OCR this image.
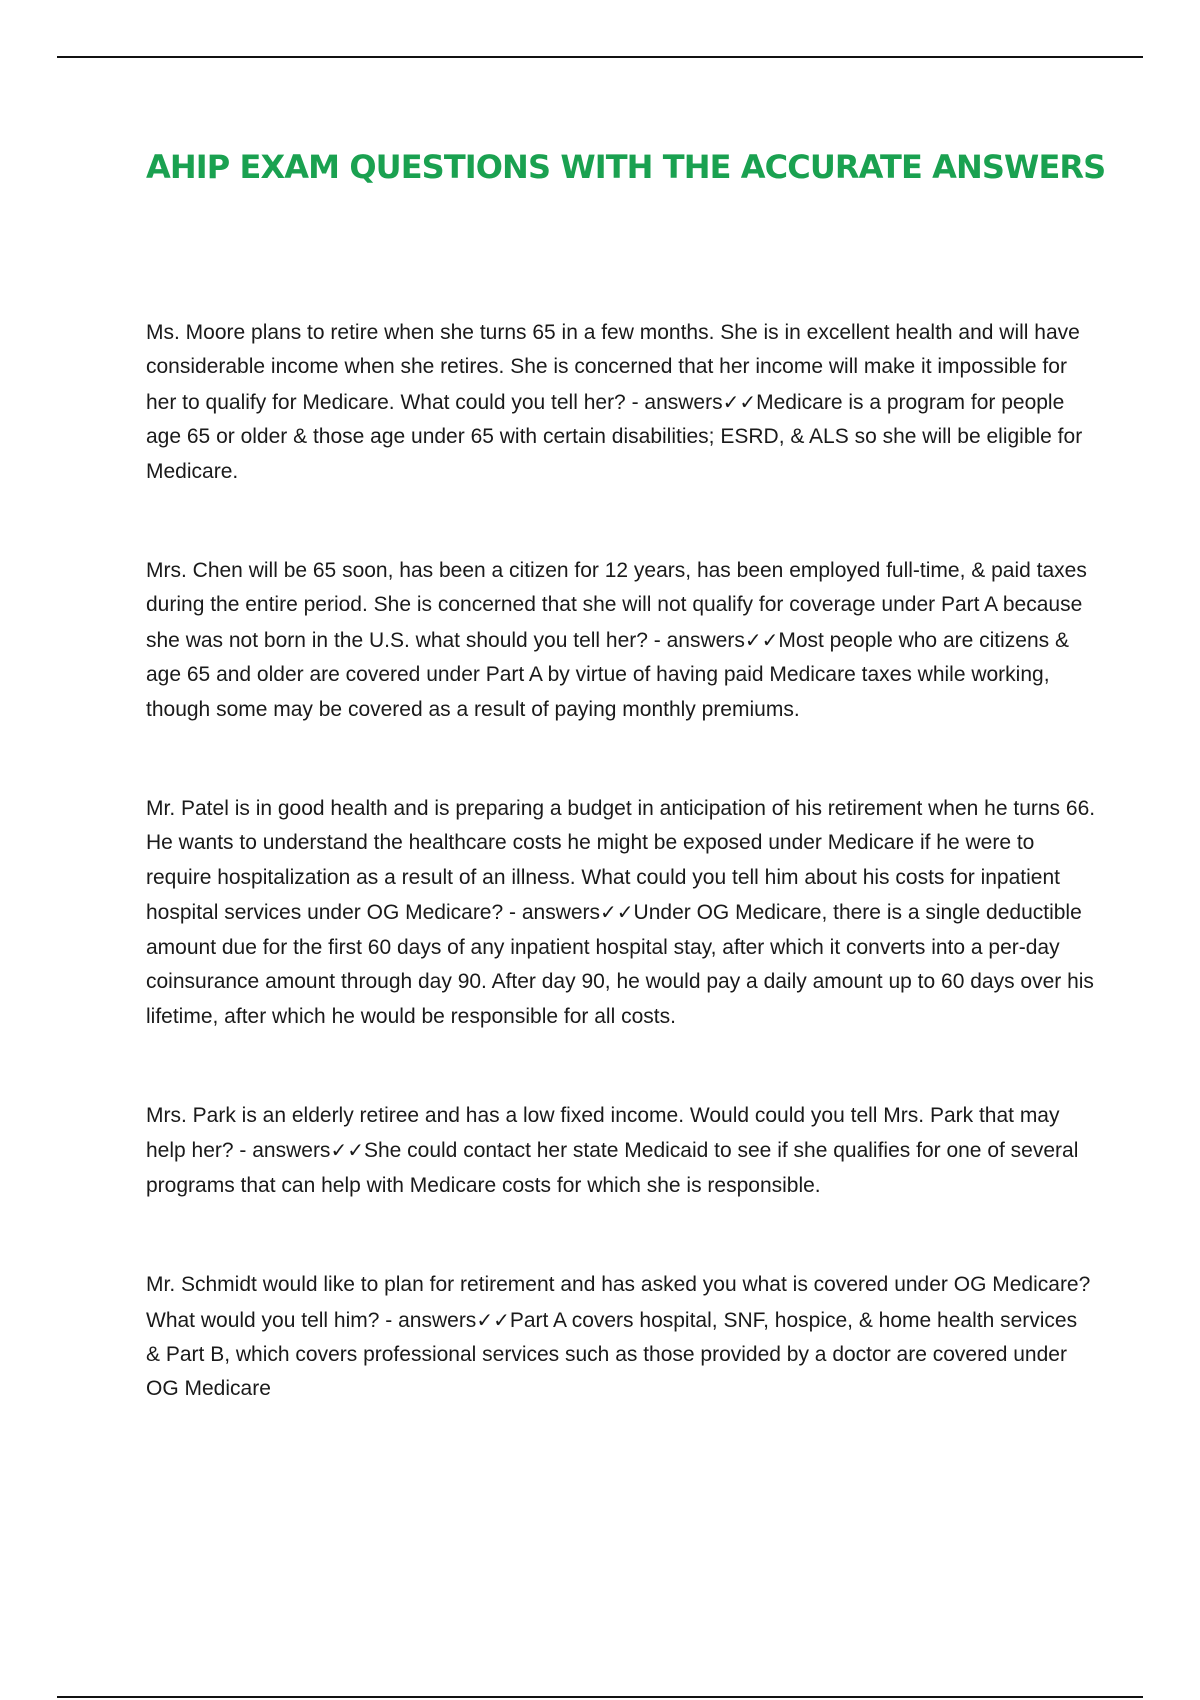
AHIP EXAM QUESTIONS WITH THE ACCURATE ANSWERS

Ms. Moore plans to retire when she turns 65 in a few months. She is in excellent health and will have considerable income when she retires. She is concerned that her income will make it impossible for her to qualify for Medicare. What could you tell her? - answers✓✓Medicare is a program for people age 65 or older & those age under 65 with certain disabilities; ESRD, & ALS so she will be eligible for Medicare.

Mrs. Chen will be 65 soon, has been a citizen for 12 years, has been employed full-time, & paid taxes during the entire period. She is concerned that she will not qualify for coverage under Part A because she was not born in the U.S. what should you tell her? - answers✓✓Most people who are citizens & age 65 and older are covered under Part A by virtue of having paid Medicare taxes while working, though some may be covered as a result of paying monthly premiums.

Mr. Patel is in good health and is preparing a budget in anticipation of his retirement when he turns 66. He wants to understand the healthcare costs he might be exposed under Medicare if he were to require hospitalization as a result of an illness. What could you tell him about his costs for inpatient hospital services under OG Medicare? - answers✓✓Under OG Medicare, there is a single deductible amount due for the first 60 days of any inpatient hospital stay, after which it converts into a per-day coinsurance amount through day 90. After day 90, he would pay a daily amount up to 60 days over his lifetime, after which he would be responsible for all costs.

Mrs. Park is an elderly retiree and has a low fixed income. Would could you tell Mrs. Park that may help her? - answers✓✓She could contact her state Medicaid to see if she qualifies for one of several programs that can help with Medicare costs for which she is responsible.

Mr. Schmidt would like to plan for retirement and has asked you what is covered under OG Medicare? What would you tell him? - answers✓✓Part A covers hospital, SNF, hospice, & home health services & Part B, which covers professional services such as those provided by a doctor are covered under OG Medicare
